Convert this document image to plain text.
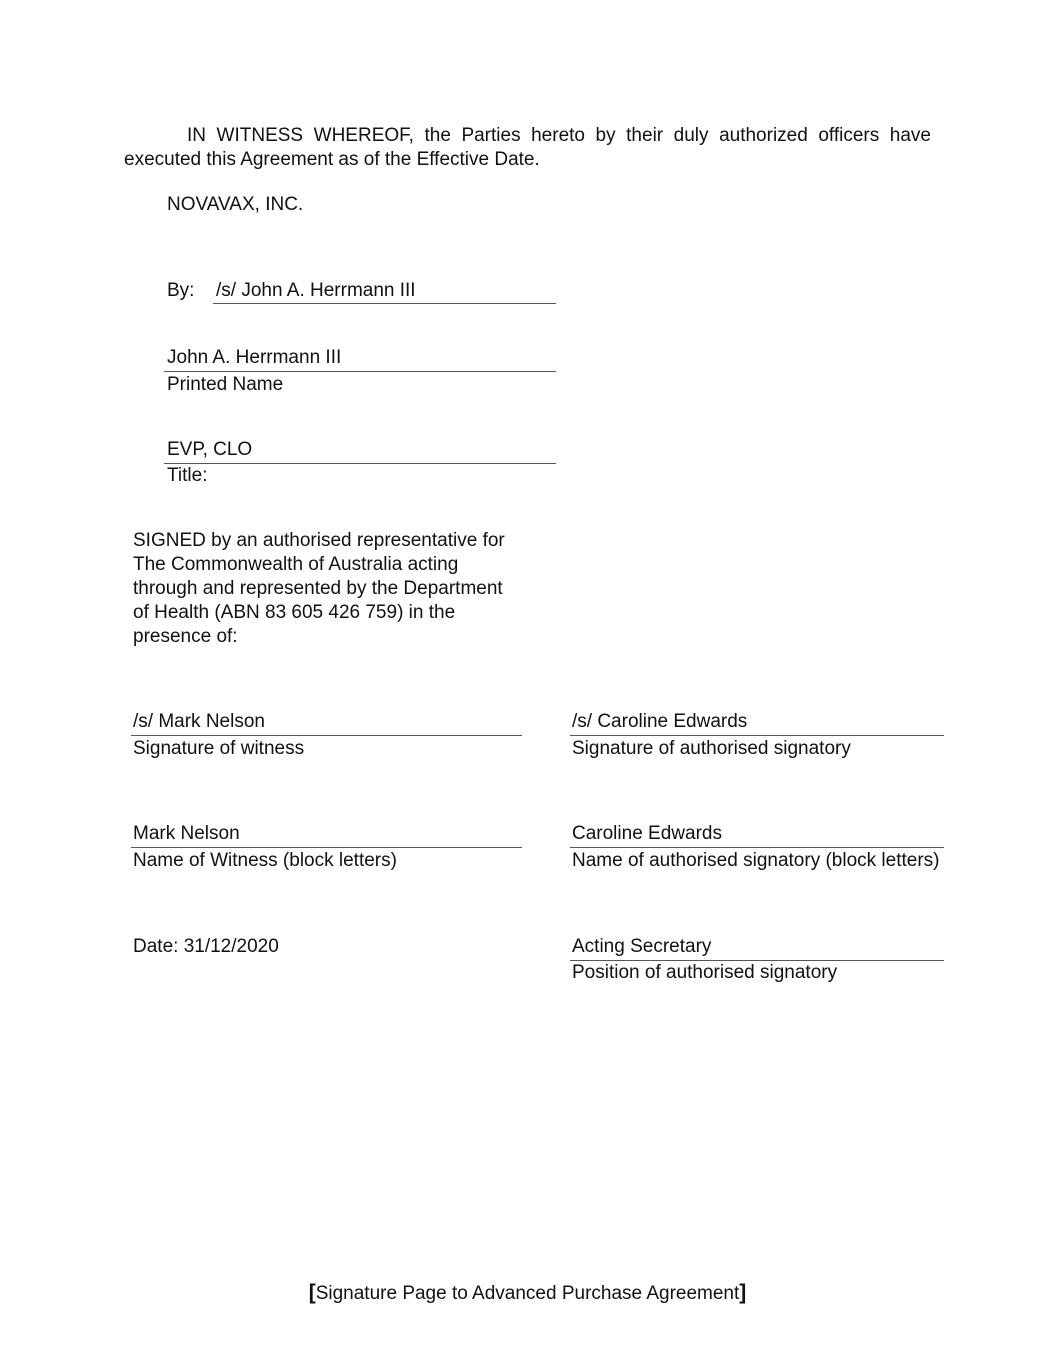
IN WITNESS WHEREOF, the Parties hereto by their duly authorized officers have executed this Agreement as of the Effective Date.
NOVAVAX, INC.
By: /s/ John A. Herrmann III
John A. Herrmann III
Printed Name
EVP, CLO
Title:
SIGNED by an authorised representative for
The Commonwealth of Australia acting
through and represented by the Department
of Health (ABN 83 605 426 759) in the
presence of:
/s/ Mark Nelson
Signature of witness
Mark Nelson
Name of Witness (block letters)
Date: 31/12/2020
/s/ Caroline Edwards
Signature of authorised signatory
Caroline Edwards
Name of authorised signatory (block letters)
Acting Secretary
Position of authorised signatory
[Signature Page to Advanced Purchase Agreement]
